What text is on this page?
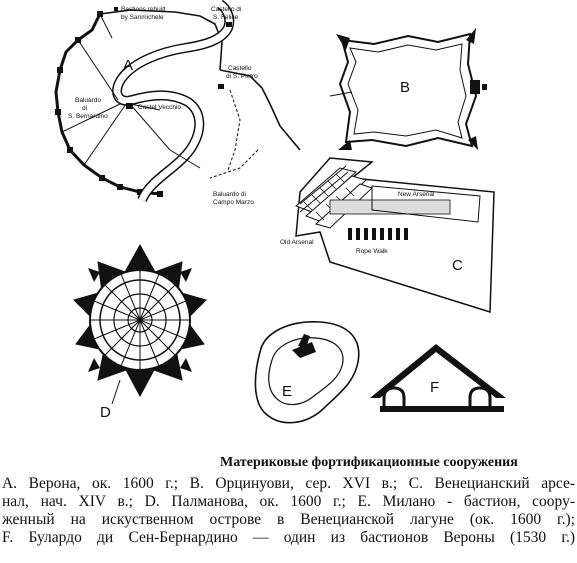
Bastions rebuilt
by Sanmichele
Castello di
S. Felice
Castello
di S. Pietro
Castel Vecchio
Baluardo
di
S. Bernardino
Baluardo di
Campo Marzo
A
B
New Arsenal
Old Arsenal
Rope Walk
C
D
E	F
Материковые фортификационные сооружения
А. Верона, ок. 1600 г.; В. Орцинуови, сер. XVI в.; С. Венецианский арсе-
нал, нач. XIV в.; D. Палманова, ок. 1600 г.; Е. Милано - бастион, соору-
женный на искуственном острове в Венецианской лагуне (ок. 1600 г.);
F. Булардо ди Сен-Бернардино — один из бастионов Вероны (1530 г.)
